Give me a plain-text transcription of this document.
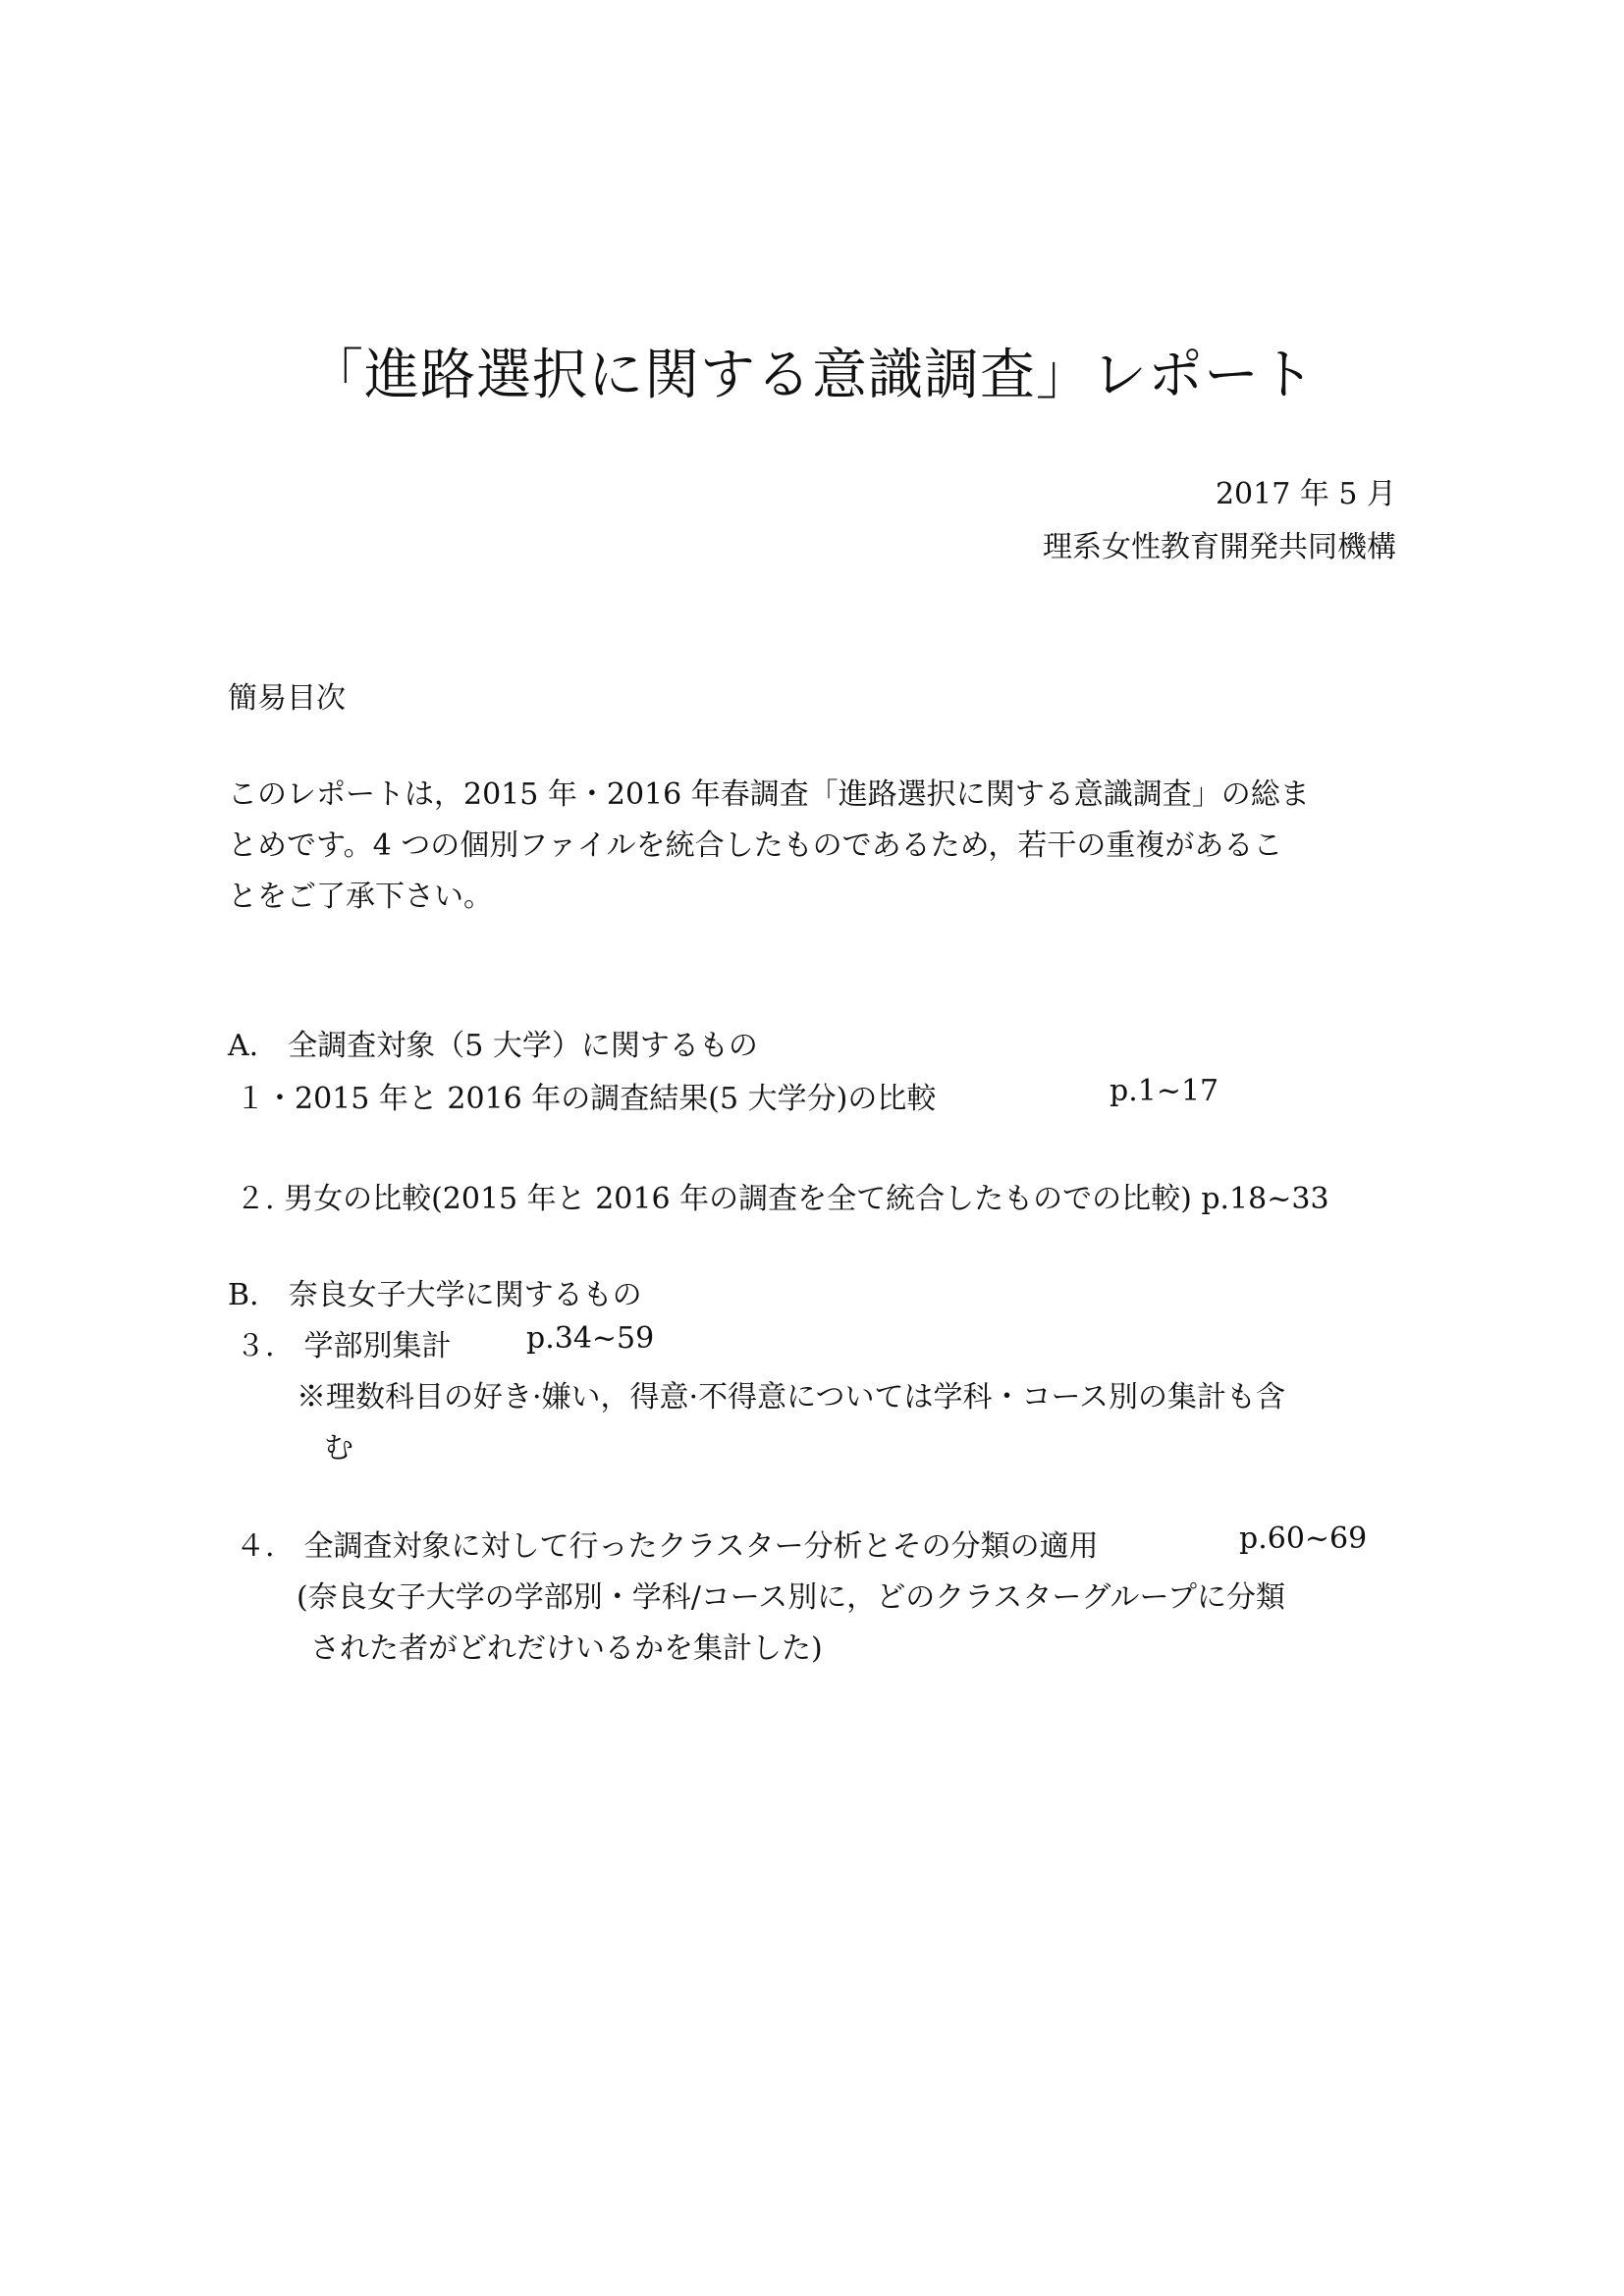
「進路選択に関する意識調査」レポート
2017 年 5 月
理系女性教育開発共同機構
簡易目次
このレポートは，2015 年・2016 年春調査「進路選択に関する意識調査」の総ま
とめです。4 つの個別ファイルを統合したものであるため，若干の重複があるこ
とをご了承下さい。
A.　全調査対象（5 大学）に関するもの
１・2015 年と 2016 年の調査結果(5 大学分)の比較	p.1~17
２. 男女の比較(2015 年と 2016 年の調査を全て統合したものでの比較) p.18~33
B.　奈良女子大学に関するもの
３.　学部別集計	p.34~59
※理数科目の好き·嫌い，得意·不得意については学科・コース別の集計も含
む
４.　全調査対象に対して行ったクラスター分析とその分類の適用	p.60~69
(奈良女子大学の学部別・学科/コース別に，どのクラスターグループに分類
された者がどれだけいるかを集計した)
